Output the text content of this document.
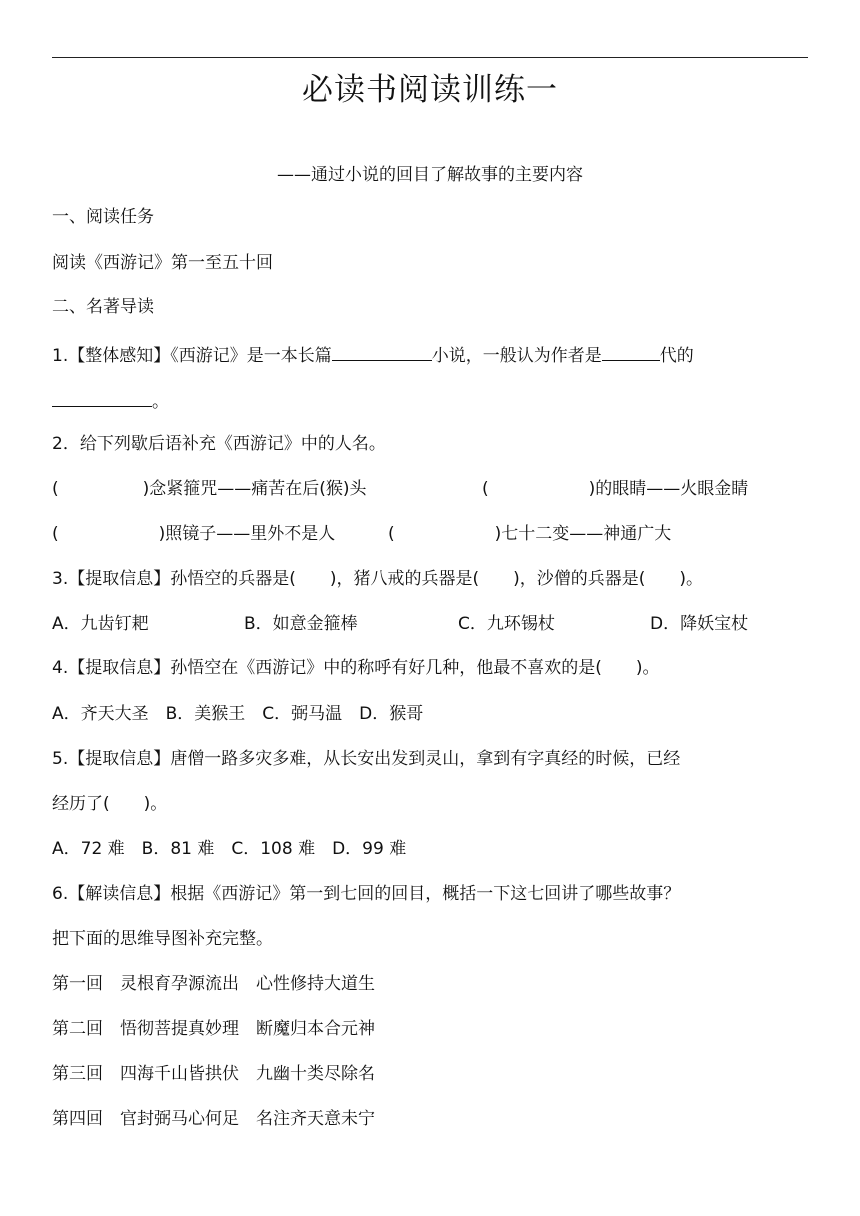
必读书阅读训练一
——通过小说的回目了解故事的主要内容
一、阅读任务
阅读《西游记》第一至五十回
二、名著导读
1.【整体感知】《西游记》是一本长篇	小说，一般认为作者是	代的
。
2．给下列歇后语补充《西游记》中的人名。
(	)念紧箍咒——痛苦在后(猴)头	(	)的眼睛——火眼金睛
(	)照镜子——里外不是人	(	)七十二变——神通广大
3.【提取信息】孙悟空的兵器是(　　)，猪八戒的兵器是(　　)，沙僧的兵器是(　　)。
A．九齿钉耙	B．如意金箍棒	C．九环锡杖	D．降妖宝杖
4.【提取信息】孙悟空在《西游记》中的称呼有好几种，他最不喜欢的是(　　)。
A．齐天大圣　B．美猴王　C．弼马温　D．猴哥
5.【提取信息】唐僧一路多灾多难，从长安出发到灵山，拿到有字真经的时候，已经
经历了(　　)。
A．72 难　B．81 难　C．108 难　D．99 难
6.【解读信息】根据《西游记》第一到七回的回目，概括一下这七回讲了哪些故事？
把下面的思维导图补充完整。
第一回　灵根育孕源流出　心性修持大道生
第二回　悟彻菩提真妙理　断魔归本合元神
第三回　四海千山皆拱伏　九幽十类尽除名
第四回　官封弼马心何足　名注齐天意未宁
